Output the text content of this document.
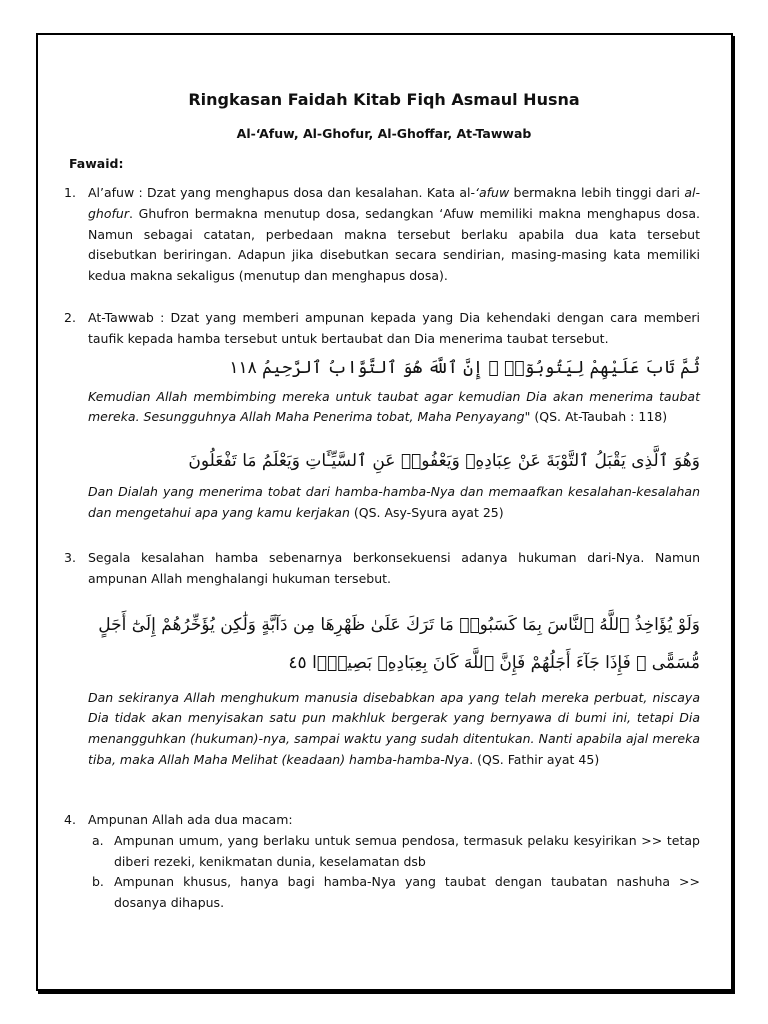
Ringkasan Faidah Kitab Fiqh Asmaul Husna
Al-‘Afuw, Al-Ghofur, Al-Ghoffar, At-Tawwab
Fawaid:
1. Al’afuw : Dzat yang menghapus dosa dan kesalahan. Kata al-‘afuw bermakna lebih tinggi dari al-ghofur. Ghufron bermakna menutup dosa, sedangkan ‘Afuw memiliki makna menghapus dosa. Namun sebagai catatan, perbedaan makna tersebut berlaku apabila dua kata tersebut disebutkan beriringan. Adapun jika disebutkan secara sendirian, masing-masing kata memiliki kedua makna sekaligus (menutup dan menghapus dosa).
2. At-Tawwab : Dzat yang memberi ampunan kepada yang Dia kehendaki dengan cara memberi taufik kepada hamba tersebut untuk bertaubat dan Dia menerima taubat tersebut.
ثُمَّ تَابَ عَلَيْهِمْ لِيَتُوبُوٓا۟ ۚ إِنَّ ٱللَّهَ هُوَ ٱلتَّوَّابُ ٱلرَّحِيمُ ١١٨
Kemudian Allah membimbing mereka untuk taubat agar kemudian Dia akan menerima taubat mereka. Sesungguhnya Allah Maha Penerima tobat, Maha Penyayang" (QS. At-Taubah : 118)
وَهُوَ ٱلَّذِى يَقْبَلُ ٱلتَّوْبَةَ عَنْ عِبَادِهِۦ وَيَعْفُوا۟ عَنِ ٱلسَّيِّـَٔاتِ وَيَعْلَمُ مَا تَفْعَلُونَ
Dan Dialah yang menerima tobat dari hamba-hamba-Nya dan memaafkan kesalahan-kesalahan dan mengetahui apa yang kamu kerjakan (QS. Asy-Syura ayat 25)
3. Segala kesalahan hamba sebenarnya berkonsekuensi adanya hukuman dari-Nya. Namun ampunan Allah menghalangi hukuman tersebut.
وَلَوْ يُؤَاخِذُ ٱللَّهُ ٱلنَّاسَ بِمَا كَسَبُوا۟ مَا تَرَكَ عَلَىٰ ظَهْرِهَا مِن دَآبَّةٍ وَلَٰكِن يُؤَخِّرُهُمْ إِلَىٰٓ أَجَلٍ مُّسَمًّى ۖ فَإِذَا جَآءَ أَجَلُهُمْ فَإِنَّ ٱللَّهَ كَانَ بِعِبَادِهِۦ بَصِيرًۢا ٤٥
Dan sekiranya Allah menghukum manusia disebabkan apa yang telah mereka perbuat, niscaya Dia tidak akan menyisakan satu pun makhluk bergerak yang bernyawa di bumi ini, tetapi Dia menangguhkan (hukuman)-nya, sampai waktu yang sudah ditentukan. Nanti apabila ajal mereka tiba, maka Allah Maha Melihat (keadaan) hamba-hamba-Nya. (QS. Fathir ayat 45)
4. Ampunan Allah ada dua macam:
a. Ampunan umum, yang berlaku untuk semua pendosa, termasuk pelaku kesyirikan >> tetap diberi rezeki, kenikmatan dunia, keselamatan dsb
b. Ampunan khusus, hanya bagi hamba-Nya yang taubat dengan taubatan nashuha >> dosanya dihapus.
